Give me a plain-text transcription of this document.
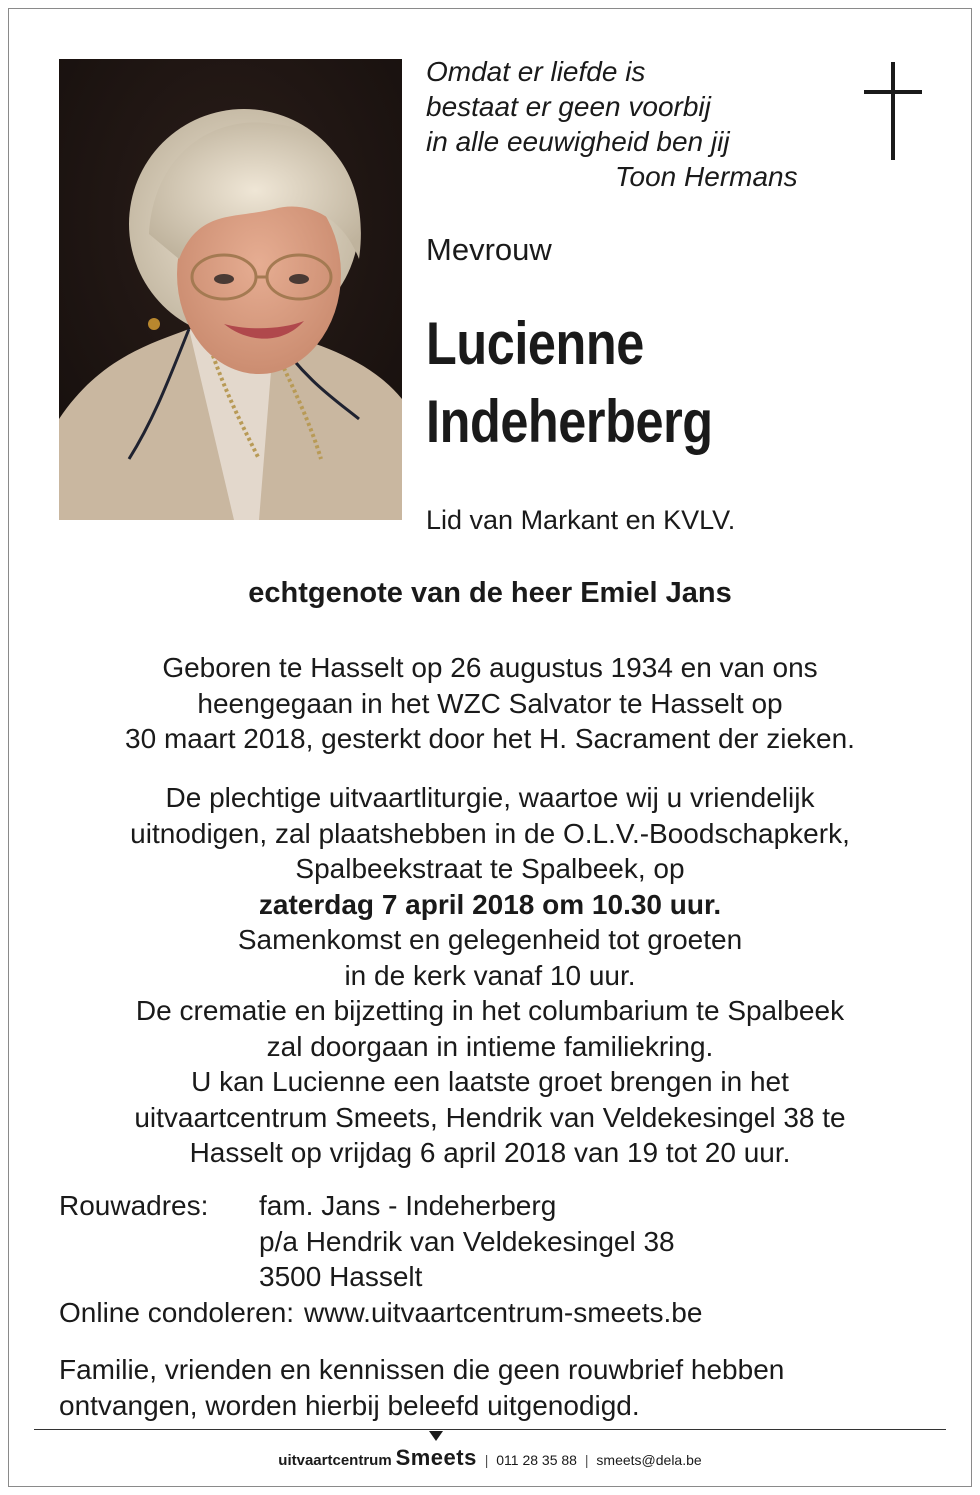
Omdat er liefde is
bestaat er geen voorbij
in alle eeuwigheid ben jij
Toon Hermans
Mevrouw
Lucienne
Indeherberg
Lid van Markant en KVLV.
echtgenote van de heer Emiel Jans
Geboren te Hasselt op 26 augustus 1934 en van ons
heengegaan in het WZC Salvator te Hasselt op
30 maart 2018, gesterkt door het H. Sacrament der zieken.
De plechtige uitvaartliturgie, waartoe wij u vriendelijk
uitnodigen, zal plaatshebben in de O.L.V.-Boodschapkerk,
Spalbeekstraat te Spalbeek, op
zaterdag 7 april 2018 om 10.30 uur.
Samenkomst en gelegenheid tot groeten
in de kerk vanaf 10 uur.
De crematie en bijzetting in het columbarium te Spalbeek
zal doorgaan in intieme familiekring.
U kan Lucienne een laatste groet brengen in het
uitvaartcentrum Smeets, Hendrik van Veldekesingel 38 te
Hasselt op vrijdag 6 april 2018 van 19 tot 20 uur.
Rouwadres:	fam. Jans - Indeherberg
p/a Hendrik van Veldekesingel 38
3500 Hasselt
Online condoleren: www.uitvaartcentrum-smeets.be
Familie, vrienden en kennissen die geen rouwbrief hebben
ontvangen, worden hierbij beleefd uitgenodigd.
uitvaartcentrum Smeets | 011 28 35 88 | smeets@dela.be
